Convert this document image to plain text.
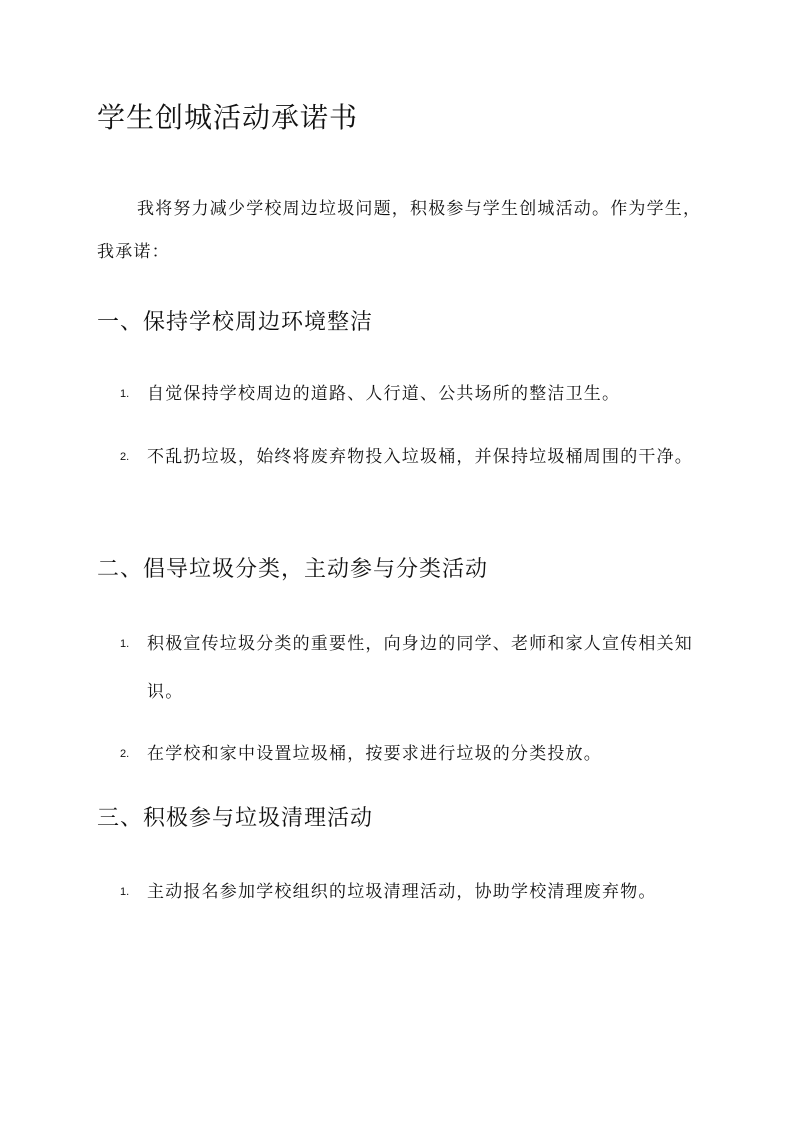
学生创城活动承诺书
我将努力减少学校周边垃圾问题，积极参与学生创城活动。作为学生，我承诺：
一、保持学校周边环境整洁
1. 自觉保持学校周边的道路、人行道、公共场所的整洁卫生。
2. 不乱扔垃圾，始终将废弃物投入垃圾桶，并保持垃圾桶周围的干净。
二、倡导垃圾分类，主动参与分类活动
1. 积极宣传垃圾分类的重要性，向身边的同学、老师和家人宣传相关知识。
2. 在学校和家中设置垃圾桶，按要求进行垃圾的分类投放。
三、积极参与垃圾清理活动
1. 主动报名参加学校组织的垃圾清理活动，协助学校清理废弃物。
